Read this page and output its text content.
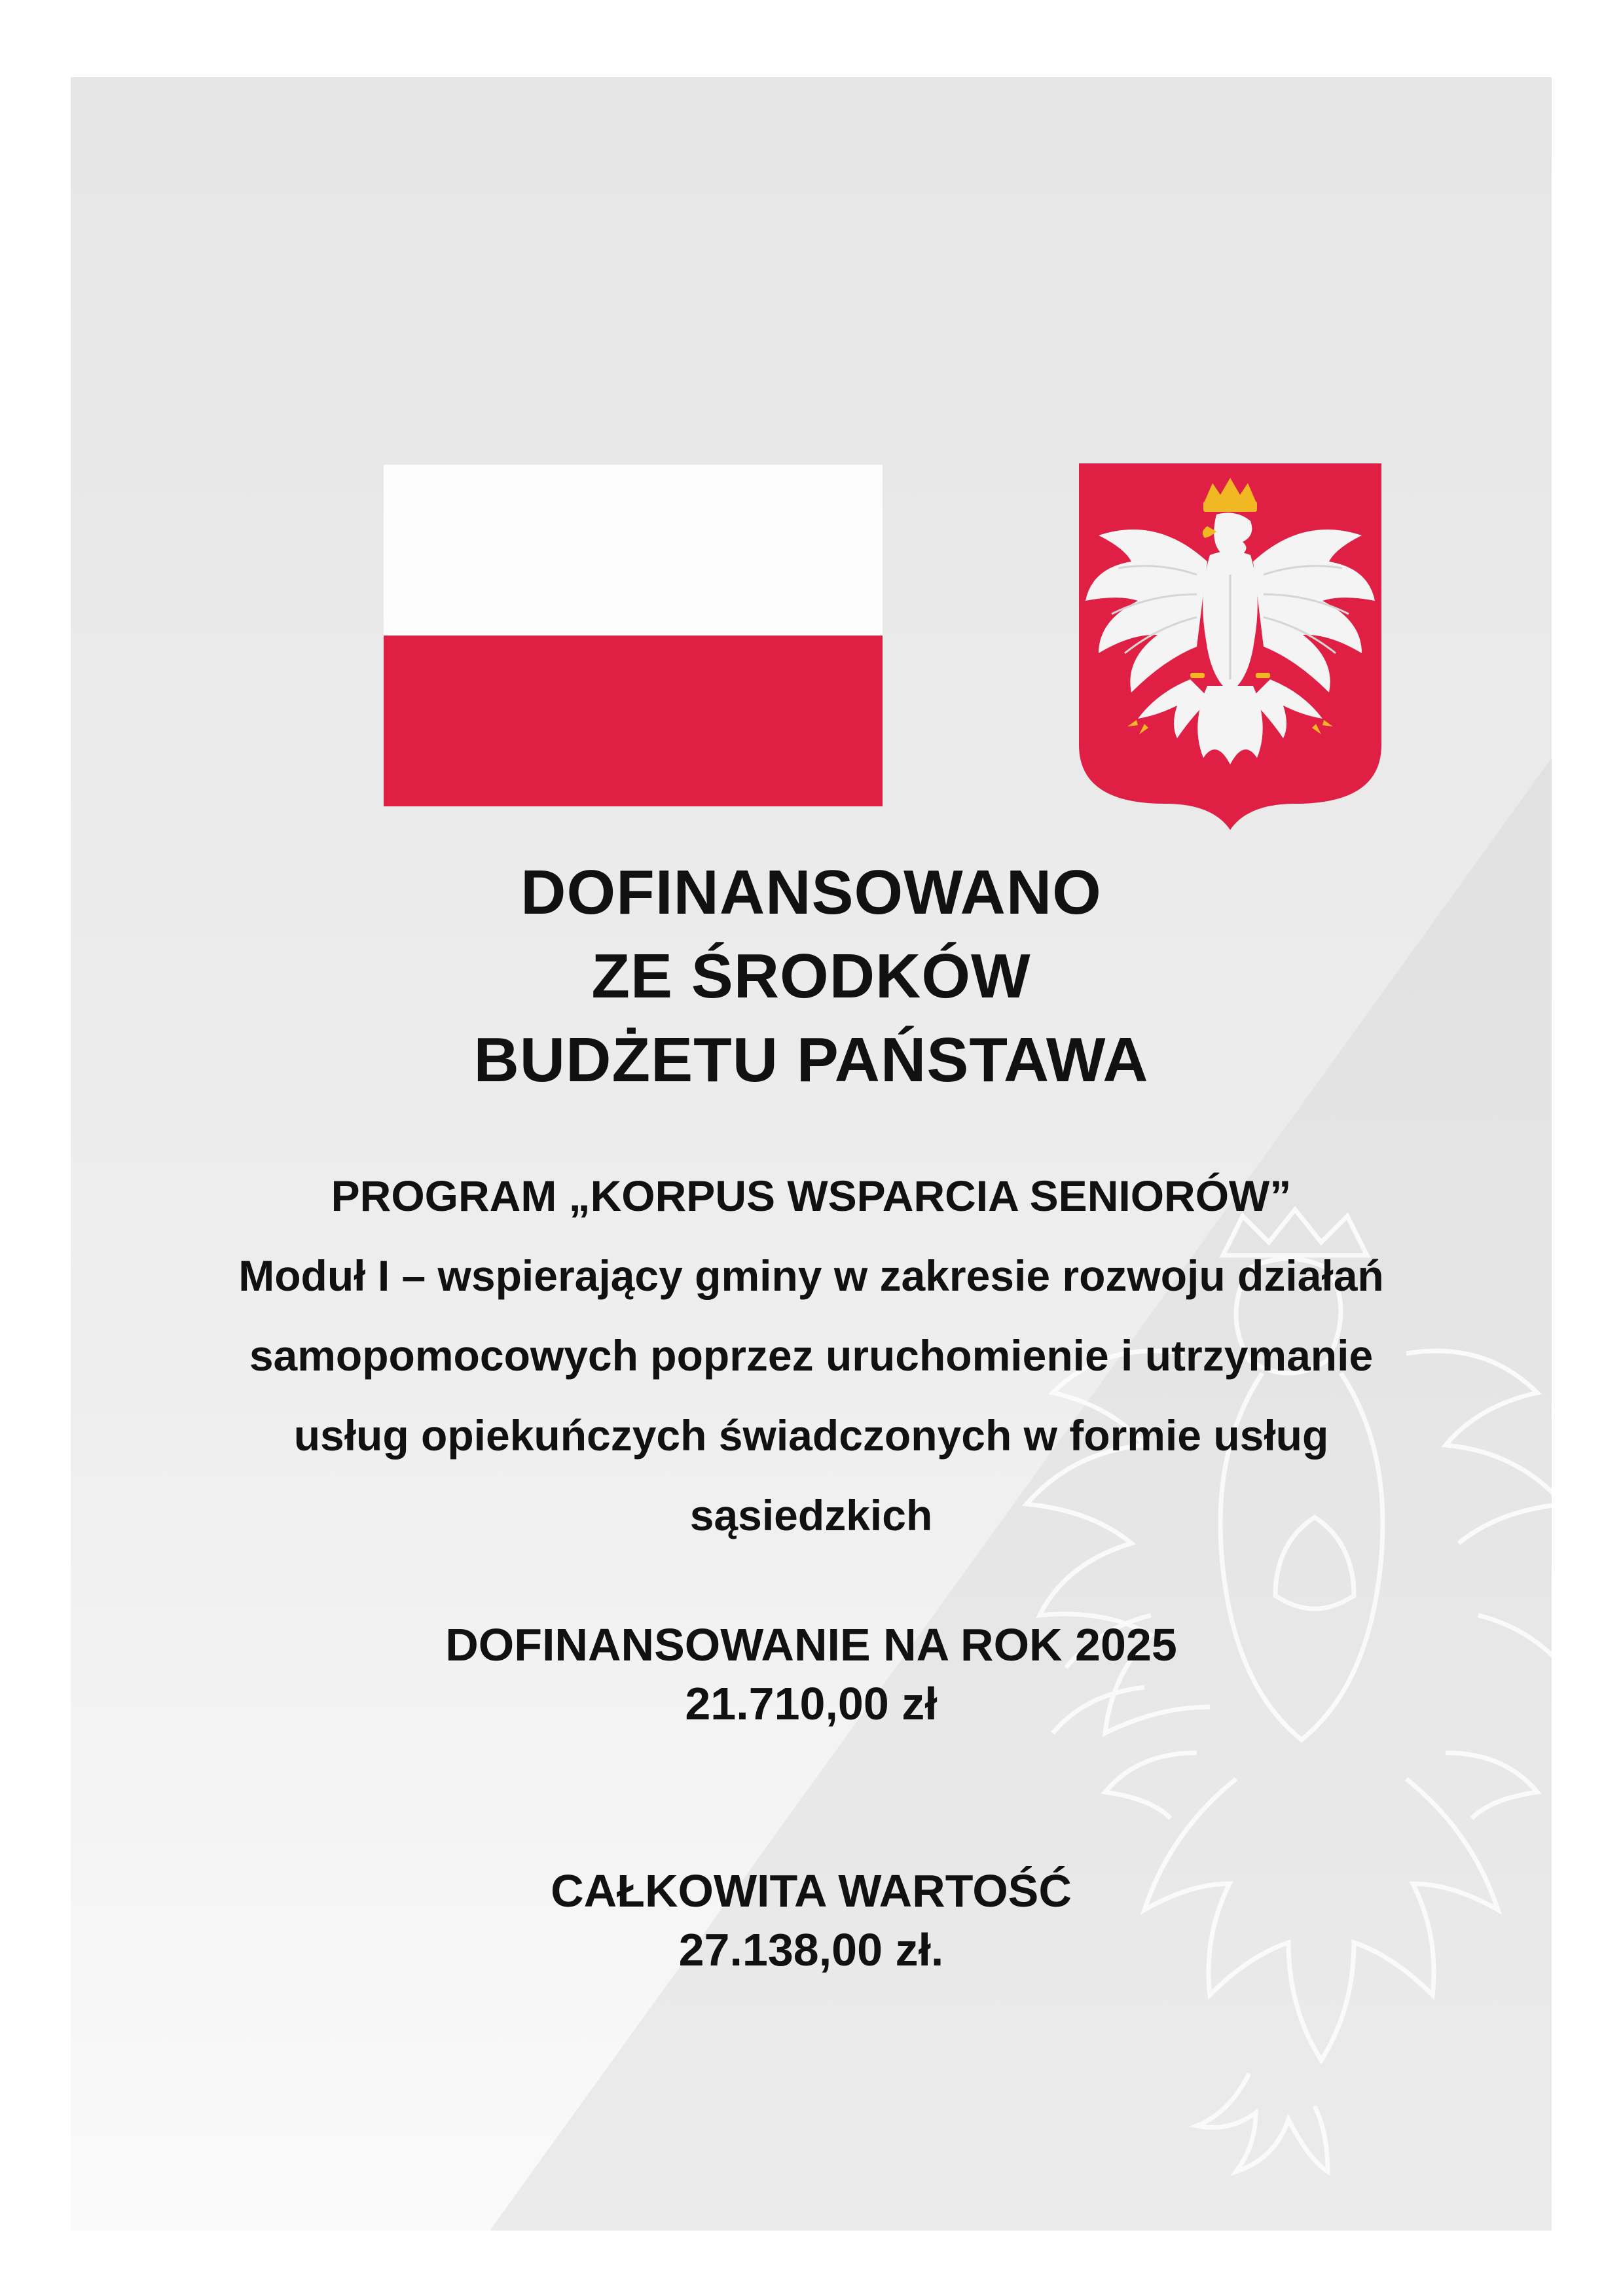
DOFINANSOWANO
ZE ŚRODKÓW
BUDŻETU PAŃSTAWA
PROGRAM „KORPUS WSPARCIA SENIORÓW”
Moduł I – wspierający gminy w zakresie rozwoju działań
samopomocowych poprzez uruchomienie i utrzymanie
usług opiekuńczych świadczonych w formie usług
sąsiedzkich
DOFINANSOWANIE NA ROK 2025
21.710,00 zł
CAŁKOWITA WARTOŚĆ
27.138,00 zł.
